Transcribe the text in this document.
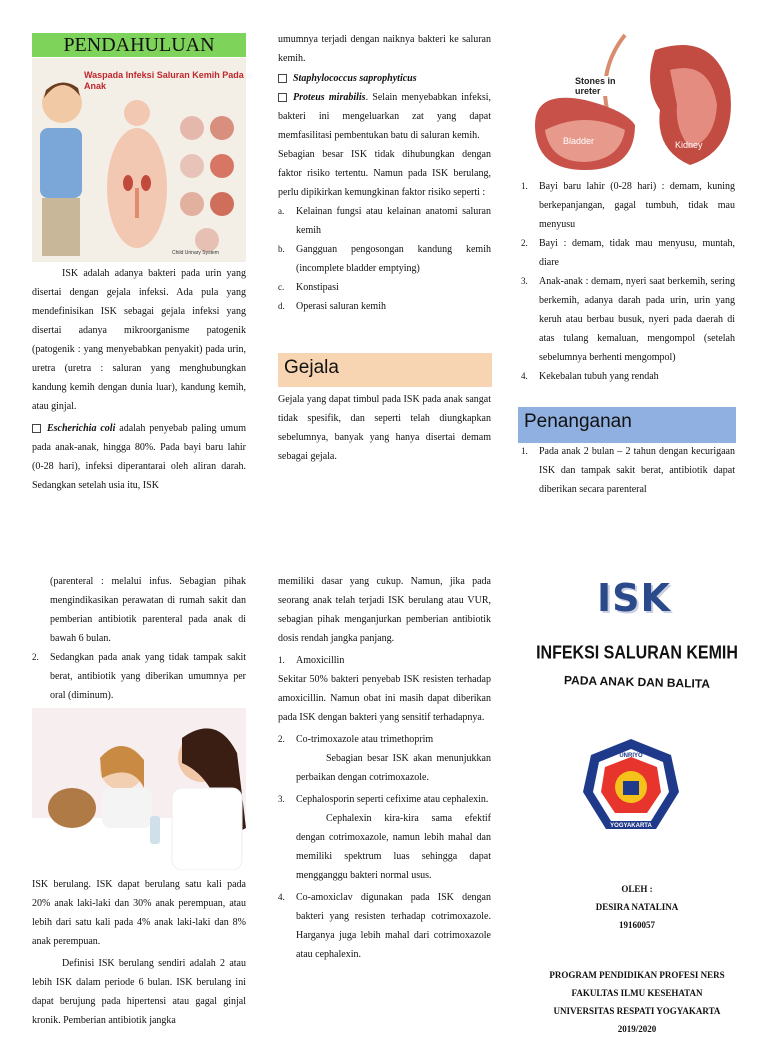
PENDAHULUAN
Waspada Infeksi Saluran Kemih Pada Anak
Child Urinary System

ISK adalah adanya bakteri pada urin yang disertai dengan gejala infeksi. Ada pula yang mendefinisikan ISK sebagai gejala infeksi yang disertai adanya mikroorganisme patogenik (patogenik : yang menyebabkan penyakit) pada urin, uretra (uretra : saluran yang menghubungkan kandung kemih dengan dunia luar), kandung kemih, atau ginjal.

Escherichia coli adalah penyebab paling umum pada anak-anak, hingga 80%. Pada bayi baru lahir (0-28 hari), infeksi diperantarai oleh aliran darah. Sedangkan setelah usia itu, ISK

umumnya terjadi dengan naiknya bakteri ke saluran kemih.

Staphylococcus saprophyticus

Proteus mirabilis. Selain menyebabkan infeksi, bakteri ini mengeluarkan zat yang dapat memfasilitasi pembentukan batu di saluran kemih.

Sebagian besar ISK tidak dihubungkan dengan faktor risiko tertentu. Namun pada ISK berulang, perlu dipikirkan kemungkinan faktor risiko seperti :

a. Kelainan fungsi atau kelainan anatomi saluran kemih
b. Gangguan pengosongan kandung kemih (incomplete bladder emptying)
c. Konstipasi
d. Operasi saluran kemih
Gejala

Gejala yang dapat timbul pada ISK pada anak sangat tidak spesifik, dan seperti telah diungkapkan sebelumnya, banyak yang hanya disertai demam sebagai gejala.

Stones in ureter
Bladder	Kidney
1. Bayi baru lahir (0-28 hari) : demam, kuning berkepanjangan, gagal tumbuh, tidak mau menyusu
2. Bayi : demam, tidak mau menyusu, muntah, diare
3. Anak-anak : demam, nyeri saat berkemih, sering berkemih, adanya darah pada urin, urin yang keruh atau berbau busuk, nyeri pada daerah di atas tulang kemaluan, mengompol (setelah sebelumnya berhenti mengompol)
4. Kekebalan tubuh yang rendah
Penanganan
1. Pada anak 2 bulan – 2 tahun dengan kecurigaan ISK dan tampak sakit berat, antibiotik dapat diberikan secara parenteral

(parenteral : melalui infus. Sebagian pihak mengindikasikan perawatan di rumah sakit dan pemberian antibiotik parenteral pada anak di bawah 6 bulan.

2. Sedangkan pada anak yang tidak tampak sakit berat, antibiotik yang diberikan umumnya per oral (diminum).

ISK berulang. ISK dapat berulang satu kali pada 20% anak laki-laki dan 30% anak perempuan, atau lebih dari satu kali pada 4% anak laki-laki dan 8% anak perempuan.

Definisi ISK berulang sendiri adalah 2 atau lebih ISK dalam periode 6 bulan. ISK berulang ini dapat berujung pada hipertensi atau gagal ginjal kronik. Pemberian antibiotik jangka

memiliki dasar yang cukup. Namun, jika pada seorang anak telah terjadi ISK berulang atau VUR, sebagian pihak menganjurkan pemberian antibiotik dosis rendah jangka panjang.

1. Amoxicillin

Sekitar 50% bakteri penyebab ISK resisten terhadap amoxicillin. Namun obat ini masih dapat diberikan pada ISK dengan bakteri yang sensitif terhadapnya.

2. Co-trimoxazole atau trimethoprim

Sebagian besar ISK akan menunjukkan perbaikan dengan cotrimoxazole.

3. Cephalosporin seperti cefixime atau cephalexin.

Cephalexin kira-kira sama efektif dengan cotrimoxazole, namun lebih mahal dan memiliki spektrum luas sehingga dapat mengganggu bakteri normal usus.

4. Co-amoxiclav digunakan pada ISK dengan bakteri yang resisten terhadap cotrimoxazole. Harganya juga lebih mahal dari cotrimoxazole atau cephalexin.
ISK
INFEKSI SALURAN KEMIH
PADA ANAK DAN BALITA
UNRIYO
YOGYAKARTA

OLEH :

DESIRA NATALINA

19160057

PROGRAM PENDIDIKAN PROFESI NERS

FAKULTAS ILMU KESEHATAN

UNIVERSITAS RESPATI YOGYAKARTA

2019/2020
